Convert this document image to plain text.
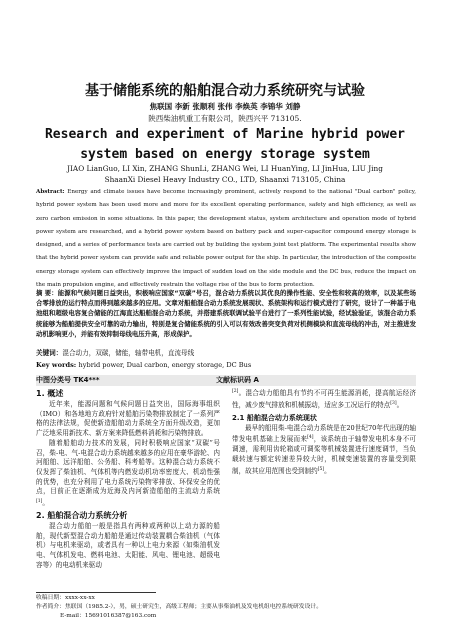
基于储能系统的船舶混合动力系统研究与试验
焦联国 李新 张顺利 张伟 李焕英 李锦华 刘静
陕西柴油机重工有限公司，陕西兴平 713105.
Research and experiment of Marine hybrid power
system based on energy storage system
JIAO LianGuo, LI Xin, ZHANG ShunLi, ZHANG Wei, LI HuanYing, LI JinHua, LIU Jing
ShaanXi Diesel Heavy Industry CO., LTD, Shaanxi 713105, China
Abstract: Energy and climate issues have become increasingly prominent, actively respond to the national "Dual carbon" policy, hybrid power system has been used more and more for its excellent operating performance, safety and high efficiency, as well as zero carbon emission in some situations. In this paper, the development status, system architecture and operation mode of hybrid power system are researched, and a hybrid power system based on battery pack and super-capacitor compound energy storage is designed, and a series of performance tests are carried out by building the system joint test platform. The experimental results show that the hybrid power system can provide safe and reliable power output for the ship. In particular, the introduction of the composite energy storage system can effectively improve the impact of sudden load on the side module and the DC bus, reduce the impact on the main propulsion engine, and effectively restrain the voltage rise of the bus to form protection.
摘 要：能源和气候问题日益突出，积极响应国家“双碳”号召，混合动力系统以其优良的操作性能、安全性和较高的效率，以及某些场合零排放的运行特点而得到越来越多的应用。文章对船舶混合动力系统发展现状、系统架构和运行模式进行了研究，设计了一种基于电池组和超级电容复合储能的江海直达船舶混合动力系统，并搭建系统联调试验平台进行了一系列性能试验，经试验验证，该混合动力系统能够为船舶提供安全可靠的动力输出，特别是复合储能系统的引入可以有效改善突变负荷对机侧模块和直流母线的冲击，对主推进发动机影响更小，并能有效抑制母线电压升高，形成保护。
关键词：混合动力，双碳，储能，轴带电机，直流母线
Key words: hybrid power, Dual carbon, energy storage, DC Bus
中图分类号 TK4***	文献标识码 A
1. 概述

近年来，能源问题和气候问题日益突出，国际海事组织（IMO）和各地地方政府针对船舶污染物排放制定了一系列严格的法律法规，促使新造船舶动力系统全方面升级改造，更加广泛地采用新技术、新方案来降低燃料消耗和污染物排放。

随着船舶动力技术的发展，同时积极响应国家“双碳”号召，柴-电、气-电混合动力系统越来越多的应用在豪华游轮、内河船舶、远洋船舶、公务船、科考船等。这种混合动力系统不仅发挥了柴油机、气体机等内燃发动机功率密度大、机动性强的优势，也充分利用了电力系统污染物零排放、环保安全的优点，目前正在逐渐成为近海及内河新造船舶的主流动力系统[1]。

2. 船舶混合动力系统分析

混合动力船舶一般是指具有两种或两种以上动力源的船舶，现代新型混合动力船舶是通过传动装置耦合柴油机（气体机）与电机来驱动，或者具有一种以上电力来源（如柴油机发电、气体机发电、燃料电池、太阳能、风电、锂电池、超级电容等）的电动机来驱动

[2]。混合动力船舶具有节约不可再生能源消耗，提高航运经济性，减少废气排放和机械振动，适应多工况运行的特点[3]。

2.1 船舶混合动力系统现状

最早的船用柴-电混合动力系统是在20世纪70年代出现的轴带发电机基础上发展而来[4]，该系统由于轴带发电机本身不可调速，需利用齿轮箱或可调桨等机械装置进行速度调节，当负载转速与额定转速差异较大时，机械变速装置的容量受到限制，故其应用范围也受到制约[5]。

收稿日期：xxxx-xx-xx
作者简介：焦联国（1985.2-），男，硕士研究生，高级工程师；主要从事柴油机及发电机组电控系统研发设计。
E-mail：15691016387@163.com
